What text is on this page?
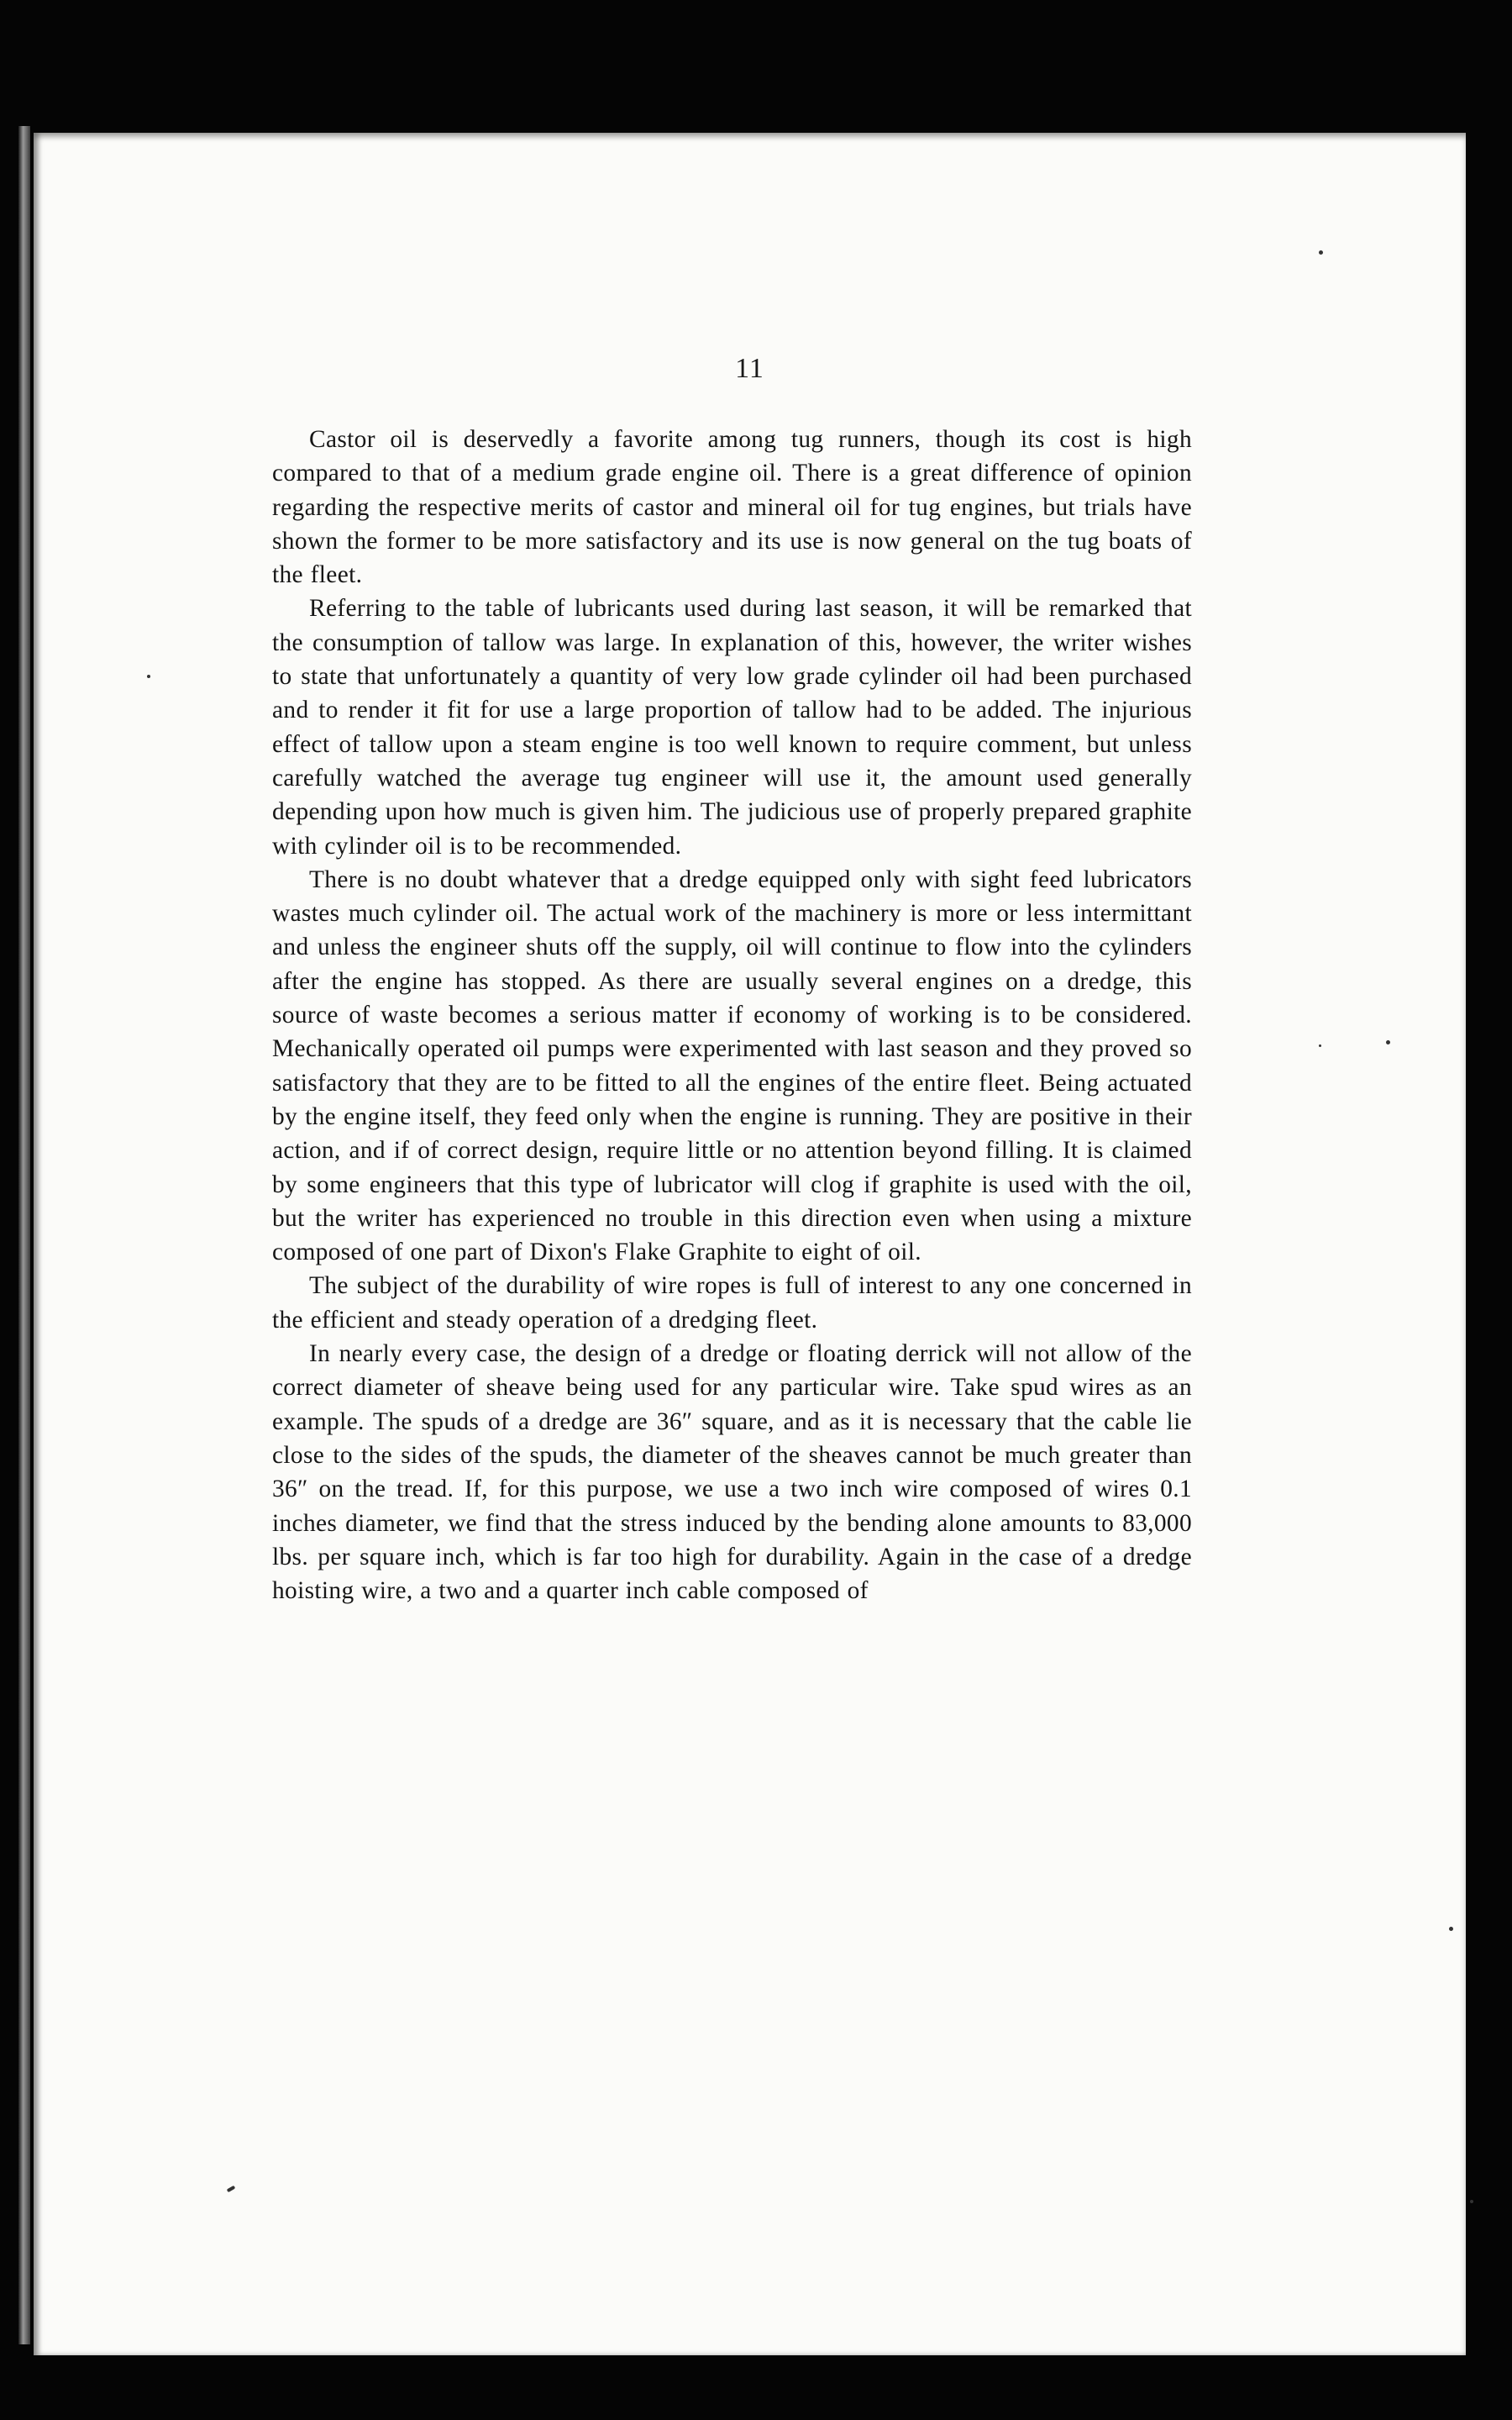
11

Castor oil is deservedly a favorite among tug runners, though its cost is high compared to that of a medium grade engine oil. There is a great difference of opinion regarding the respective merits of castor and mineral oil for tug engines, but trials have shown the former to be more satisfactory and its use is now general on the tug boats of the fleet.

Referring to the table of lubricants used during last season, it will be remarked that the consumption of tallow was large. In explanation of this, however, the writer wishes to state that unfortunately a quantity of very low grade cylinder oil had been purchased and to render it fit for use a large proportion of tallow had to be added. The injurious effect of tallow upon a steam engine is too well known to require comment, but unless carefully watched the average tug engineer will use it, the amount used generally depending upon how much is given him. The judicious use of properly prepared graphite with cylinder oil is to be recommended.

There is no doubt whatever that a dredge equipped only with sight feed lubricators wastes much cylinder oil. The actual work of the machinery is more or less intermittant and unless the engineer shuts off the supply, oil will continue to flow into the cylinders after the engine has stopped. As there are usually several engines on a dredge, this source of waste becomes a serious matter if economy of working is to be considered. Mechanically operated oil pumps were experimented with last season and they proved so satisfactory that they are to be fitted to all the engines of the entire fleet. Being actuated by the engine itself, they feed only when the engine is running. They are positive in their action, and if of correct design, require little or no attention beyond filling. It is claimed by some engineers that this type of lubricator will clog if graphite is used with the oil, but the writer has experienced no trouble in this direction even when using a mixture composed of one part of Dixon's Flake Graphite to eight of oil.

The subject of the durability of wire ropes is full of interest to any one concerned in the efficient and steady operation of a dredging fleet.

In nearly every case, the design of a dredge or floating derrick will not allow of the correct diameter of sheave being used for any particular wire. Take spud wires as an example. The spuds of a dredge are 36″ square, and as it is necessary that the cable lie close to the sides of the spuds, the diameter of the sheaves cannot be much greater than 36″ on the tread. If, for this purpose, we use a two inch wire composed of wires 0.1 inches diameter, we find that the stress induced by the bending alone amounts to 83,000 lbs. per square inch, which is far too high for durability. Again in the case of a dredge hoisting wire, a two and a quarter inch cable composed of
